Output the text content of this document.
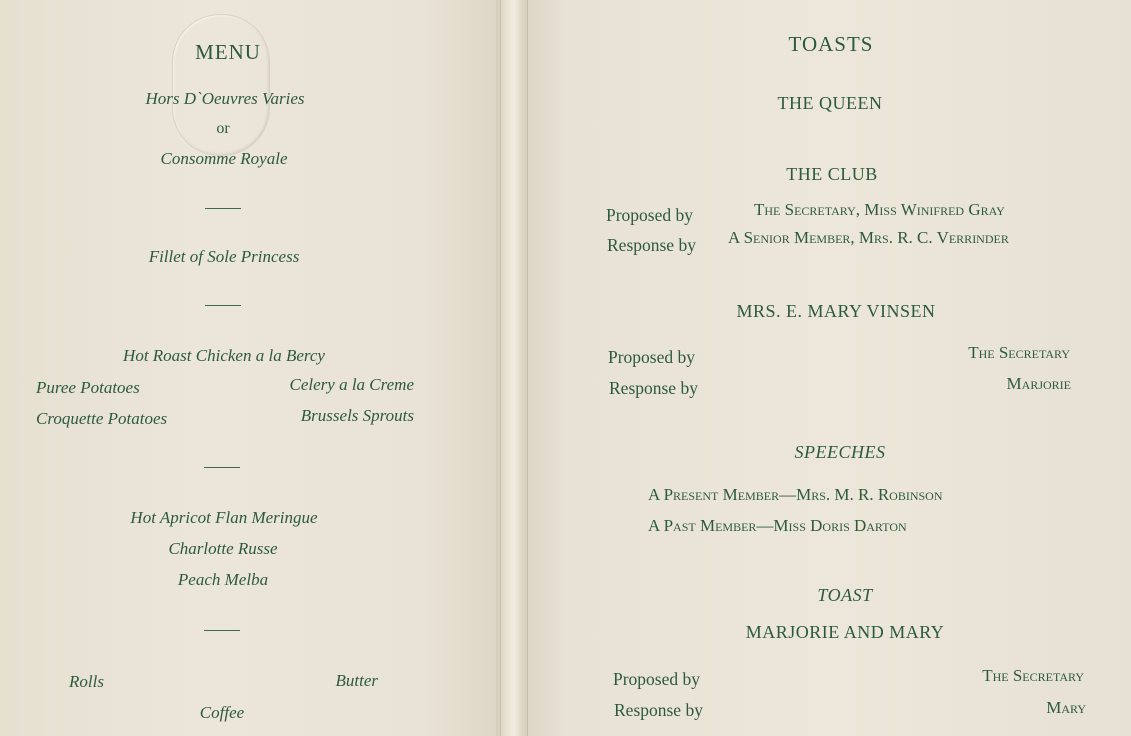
MENU
Hors D`Oeuvres Varies
or
Consomme Royale
Fillet of Sole Princess
Hot Roast Chicken a la Bercy
Puree Potatoes	Celery a la Creme
Croquette Potatoes	Brussels Sprouts
Hot Apricot Flan Meringue
Charlotte Russe
Peach Melba
Rolls	Butter
Coffee
TOASTS
THE QUEEN
THE CLUB
Proposed by	The Secretary, Miss Winifred Gray
Response by A Senior Member, Mrs. R. C. Verrinder
MRS. E. MARY VINSEN
Proposed by	The Secretary
Response by	Marjorie
SPEECHES
A Present Member—Mrs. M. R. Robinson
A Past Member—Miss Doris Darton
TOAST
MARJORIE AND MARY
Proposed by	The Secretary
Response by	Mary
